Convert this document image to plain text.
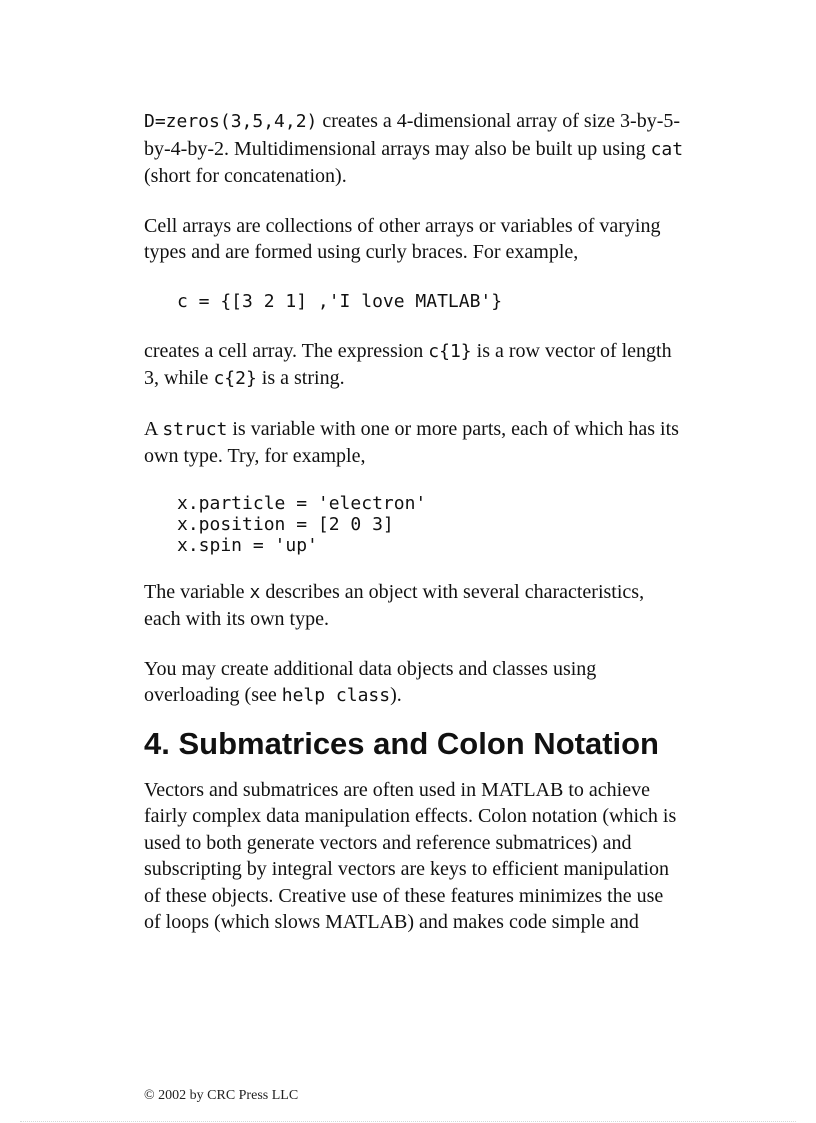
D=zeros(3,5,4,2) creates a 4-dimensional array of size 3-by-5-by-4-by-2. Multidimensional arrays may also be built up using cat (short for concatenation).

Cell arrays are collections of other arrays or variables of varying types and are formed using curly braces. For example,

c = {[3 2 1] ,'I love MATLAB'}

creates a cell array. The expression c{1} is a row vector of length 3, while c{2} is a string.

A struct is variable with one or more parts, each of which has its own type. Try, for example,

x.particle = 'electron'
x.position = [2 0 3]
x.spin = 'up'

The variable x describes an object with several characteristics, each with its own type.

You may create additional data objects and classes using overloading (see help class).

4. Submatrices and Colon Notation

Vectors and submatrices are often used in MATLAB to achieve fairly complex data manipulation effects. Colon notation (which is used to both generate vectors and reference submatrices) and subscripting by integral vectors are keys to efficient manipulation of these objects. Creative use of these features minimizes the use of loops (which slows MATLAB) and makes code simple and

© 2002 by CRC Press LLC
